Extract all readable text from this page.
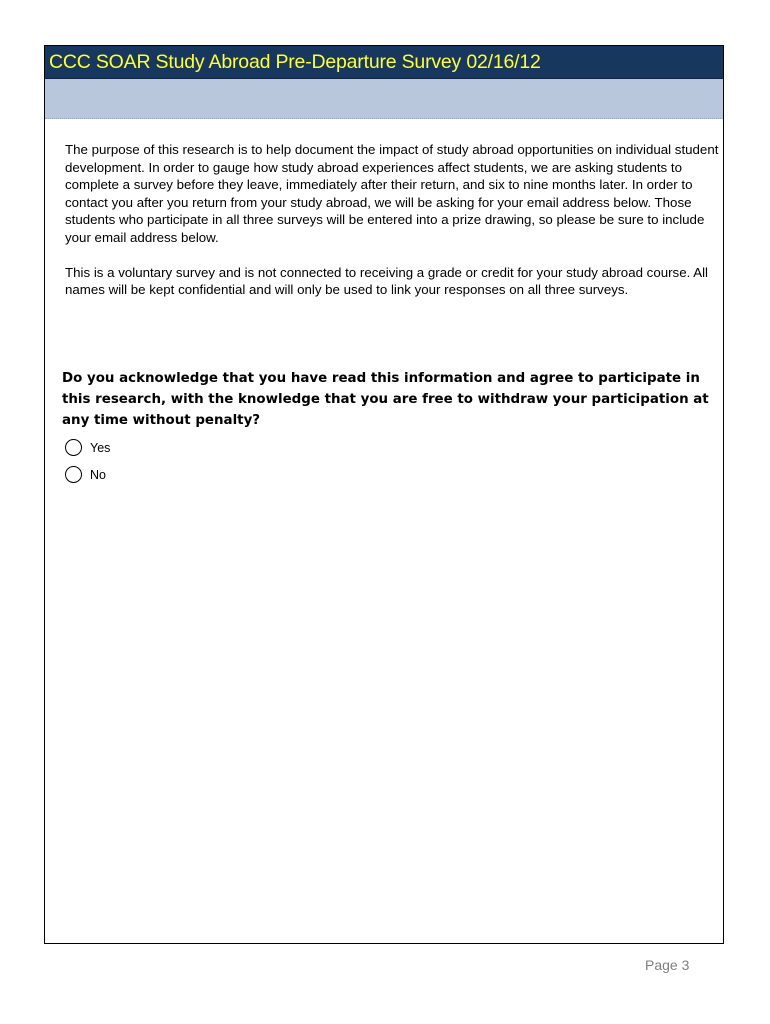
CCC SOAR Study Abroad Pre-Departure Survey 02/16/12

The purpose of this research is to help document the impact of study abroad opportunities on individual student development. In order to gauge how study abroad experiences affect students, we are asking students to complete a survey before they leave, immediately after their return, and six to nine months later. In order to contact you after you return from your study abroad, we will be asking for your email address below. Those students who participate in all three surveys will be entered into a prize drawing, so please be sure to include your email address below.

This is a voluntary survey and is not connected to receiving a grade or credit for your study abroad course. All names will be kept confidential and will only be used to link your responses on all three surveys.

Do you acknowledge that you have read this information and agree to participate in this research, with the knowledge that you are free to withdraw your participation at any time without penalty?
Yes
No
Page 3
